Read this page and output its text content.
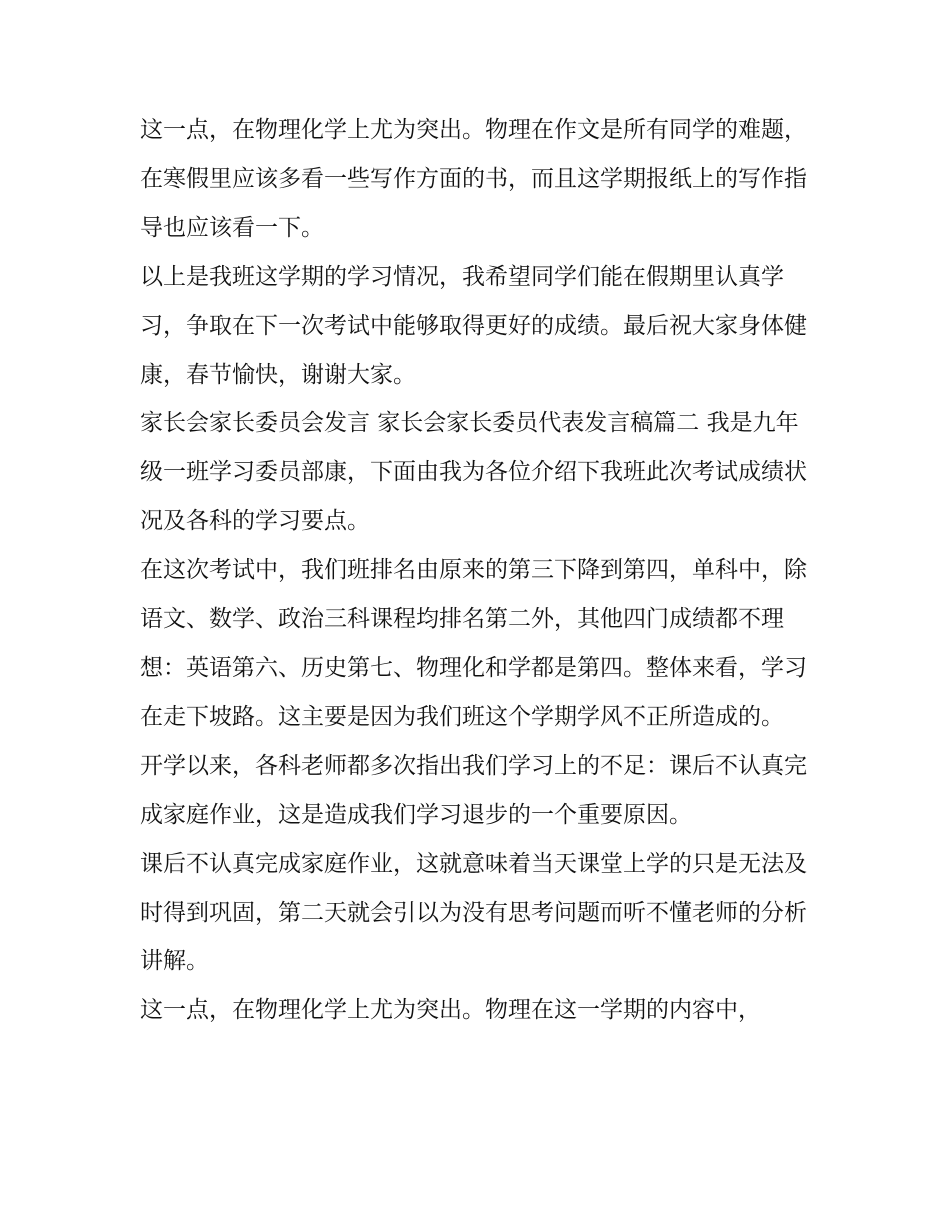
这一点，在物理化学上尤为突出。物理在作文是所有同学的难题，在寒假里应该多看一些写作方面的书，而且这学期报纸上的写作指导也应该看一下。

以上是我班这学期的学习情况，我希望同学们能在假期里认真学习，争取在下一次考试中能够取得更好的成绩。最后祝大家身体健康，春节愉快，谢谢大家。

家长会家长委员会发言 家长会家长委员代表发言稿篇二 我是九年级一班学习委员部康，下面由我为各位介绍下我班此次考试成绩状况及各科的学习要点。

在这次考试中，我们班排名由原来的第三下降到第四，单科中，除语文、数学、政治三科课程均排名第二外，其他四门成绩都不理想：英语第六、历史第七、物理化和学都是第四。整体来看，学习在走下坡路。这主要是因为我们班这个学期学风不正所造成的。

开学以来，各科老师都多次指出我们学习上的不足：课后不认真完成家庭作业，这是造成我们学习退步的一个重要原因。

课后不认真完成家庭作业，这就意味着当天课堂上学的只是无法及时得到巩固，第二天就会引以为没有思考问题而听不懂老师的分析讲解。

这一点，在物理化学上尤为突出。物理在这一学期的内容中，
